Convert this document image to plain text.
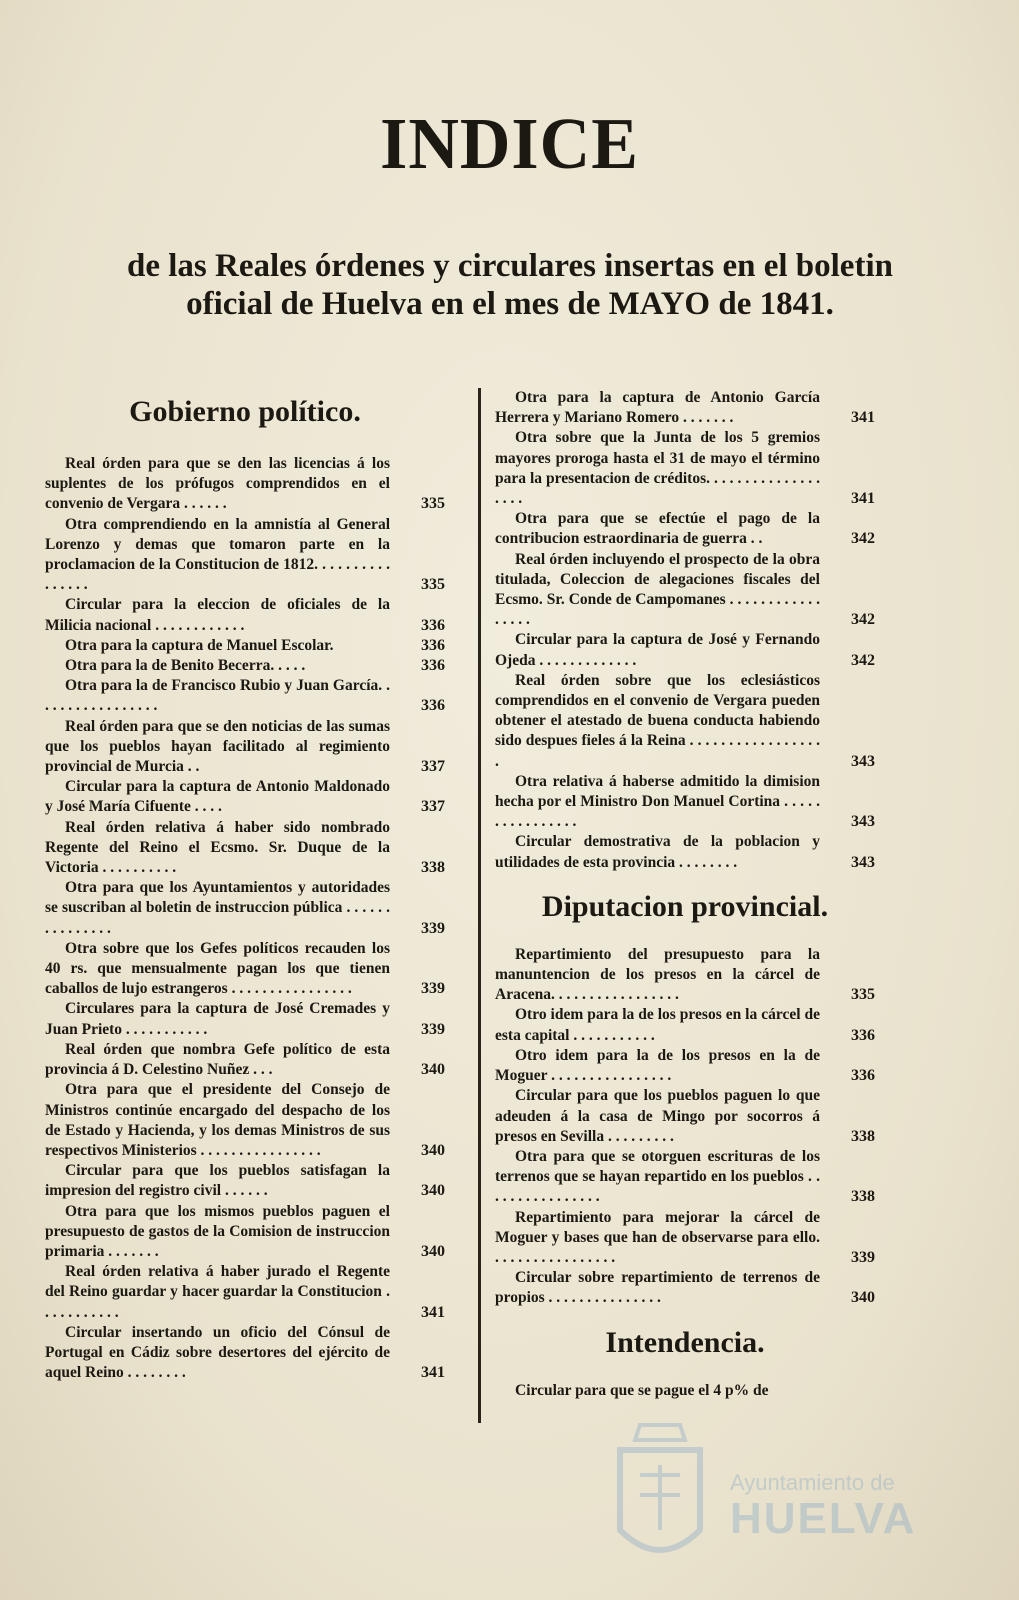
INDICE
de las Reales órdenes y circulares insertas en el boletin
oficial de Huelva en el mes de MAYO de 1841.
Gobierno político.
Real órden para que se den las licencias á los suplentes de los prófugos comprendidos en el convenio de Vergara . . . . . .	335
Otra comprendiendo en la amnistía al General Lorenzo y demas que tomaron parte en la proclamacion de la Constitucion de 1812. . . . . . . . . . . . . . . .	335
Circular para la eleccion de oficiales de la Milicia nacional . . . . . . . . . . . .	336
Otra para la captura de Manuel Escolar.	336
Otra para la de Benito Becerra. . . . .	336
Otra para la de Francisco Rubio y Juan García. . . . . . . . . . . . . . . . .	336
Real órden para que se den noticias de las sumas que los pueblos hayan facilitado al regimiento provincial de Murcia . .	337
Circular para la captura de Antonio Maldonado y José María Cifuente . . . .	337
Real órden relativa á haber sido nombrado Regente del Reino el Ecsmo. Sr. Duque de la Victoria . . . . . . . . . .	338
Otra para que los Ayuntamientos y autoridades se suscriban al boletin de instruccion pública . . . . . . . . . . . . . . .	339
Otra sobre que los Gefes políticos recauden los 40 rs. que mensualmente pagan los que tienen caballos de lujo estrangeros . . . . . . . . . . . . . . . .	339
Circulares para la captura de José Cremades y Juan Prieto . . . . . . . . . . .	339
Real órden que nombra Gefe político de esta provincia á D. Celestino Nuñez . . .	340
Otra para que el presidente del Consejo de Ministros continúe encargado del despacho de los de Estado y Hacienda, y los demas Ministros de sus respectivos Ministerios . . . . . . . . . . . . . . . .	340
Circular para que los pueblos satisfagan la impresion del registro civil . . . . . .	340
Otra para que los mismos pueblos paguen el presupuesto de gastos de la Comision de instruccion primaria . . . . . . .	340
Real órden relativa á haber jurado el Regente del Reino guardar y hacer guardar la Constitucion . . . . . . . . . . .	341
Circular insertando un oficio del Cónsul de Portugal en Cádiz sobre desertores del ejército de aquel Reino . . . . . . . .	341
Otra para la captura de Antonio García Herrera y Mariano Romero . . . . . . .	341
Otra sobre que la Junta de los 5 gremios mayores prorogа hasta el 31 de mayo el término para la presentacion de créditos. . . . . . . . . . . . . . . . . . .	341
Otra para que se efectúe el pago de la contribucion estraordinaria de guerra . .	342
Real órden incluyendo el prospecto de la obra titulada, Coleccion de alegaciones fiscales del Ecsmo. Sr. Conde de Campomanes . . . . . . . . . . . . . . . . .	342
Circular para la captura de José y Fernando Ojeda . . . . . . . . . . . . .	342
Real órden sobre que los eclesiásticos comprendidos en el convenio de Vergara pueden obtener el atestado de buena conducta habiendo sido despues fieles á la Reina . . . . . . . . . . . . . . . . . .	343
Otra relativa á haberse admitido la dimision hecha por el Ministro Don Manuel Cortina . . . . . . . . . . . . . . . .	343
Circular demostrativa de la poblacion y utilidades de esta provincia . . . . . . . .	343
Diputacion provincial.
Repartimiento del presupuesto para la manuntencion de los presos en la cárcel de Aracena. . . . . . . . . . . . . . . . .	335
Otro idem para la de los presos en la cárcel de esta capital . . . . . . . . . . .	336
Otro idem para la de los presos en la de Moguer . . . . . . . . . . . . . . . .	336
Circular para que los pueblos paguen lo que adeuden á la casa de Mingo por socorros á presos en Sevilla . . . . . . . . .	338
Otra para que se otorguen escrituras de los terrenos que se hayan repartido en los pueblos . . . . . . . . . . . . . . . .	338
Repartimiento para mejorar la cárcel de Moguer y bases que han de observarse para ello. . . . . . . . . . . . . . . . .	339
Circular sobre repartimiento de terrenos de propios . . . . . . . . . . . . . . .	340
Intendencia.
Circular para que se pague el 4 p% de
Ayuntamiento de
HUELVA
